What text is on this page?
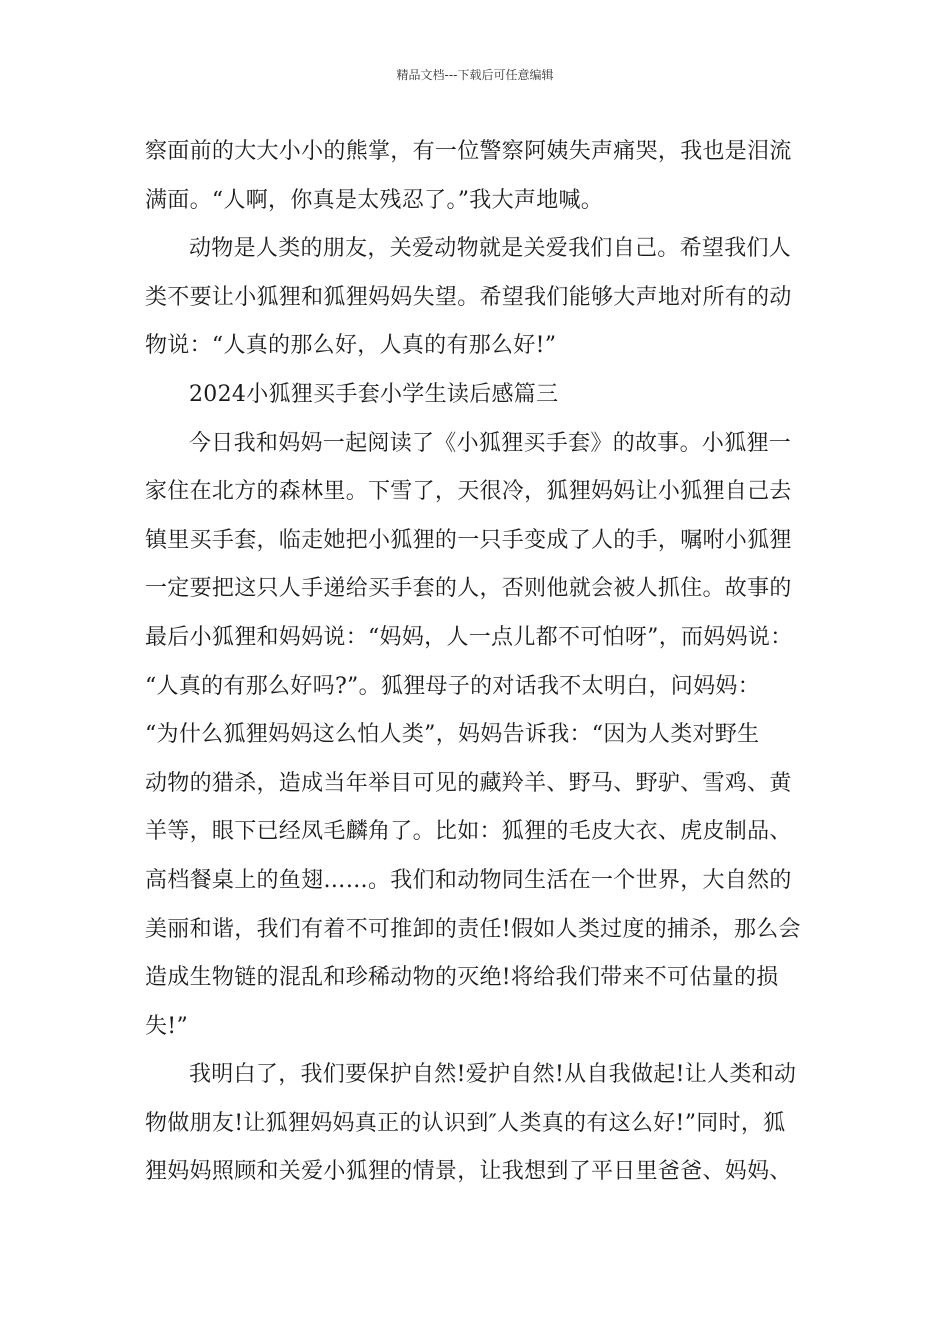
精品文档---下载后可任意编辑

察面前的大大小小的熊掌，有一位警察阿姨失声痛哭，我也是泪流
满面。“人啊，你真是太残忍了。”我大声地喊。

动物是人类的朋友，关爱动物就是关爱我们自己。希望我们人
类不要让小狐狸和狐狸妈妈失望。希望我们能够大声地对所有的动
物说：“人真的那么好，人真的有那么好!”

2024小狐狸买手套小学生读后感篇三

今日我和妈妈一起阅读了《小狐狸买手套》的故事。小狐狸一
家住在北方的森林里。下雪了，天很冷，狐狸妈妈让小狐狸自己去
镇里买手套，临走她把小狐狸的一只手变成了人的手，嘱咐小狐狸
一定要把这只人手递给买手套的人，否则他就会被人抓住。故事的
最后小狐狸和妈妈说：“妈妈，人一点儿都不可怕呀”，而妈妈说：
“人真的有那么好吗?”。狐狸母子的对话我不太明白，问妈妈：
“为什么狐狸妈妈这么怕人类”，妈妈告诉我：“因为人类对野生
动物的猎杀，造成当年举目可见的藏羚羊、野马、野驴、雪鸡、黄
羊等，眼下已经凤毛麟角了。比如：狐狸的毛皮大衣、虎皮制品、
高档餐桌上的鱼翅……。我们和动物同生活在一个世界，大自然的
美丽和谐，我们有着不可推卸的责任!假如人类过度的捕杀，那么会
造成生物链的混乱和珍稀动物的灭绝!将给我们带来不可估量的损
失!”

我明白了，我们要保护自然!爱护自然!从自我做起!让人类和动
物做朋友!让狐狸妈妈真正的认识到″人类真的有这么好!”同时，狐
狸妈妈照顾和关爱小狐狸的情景，让我想到了平日里爸爸、妈妈、
